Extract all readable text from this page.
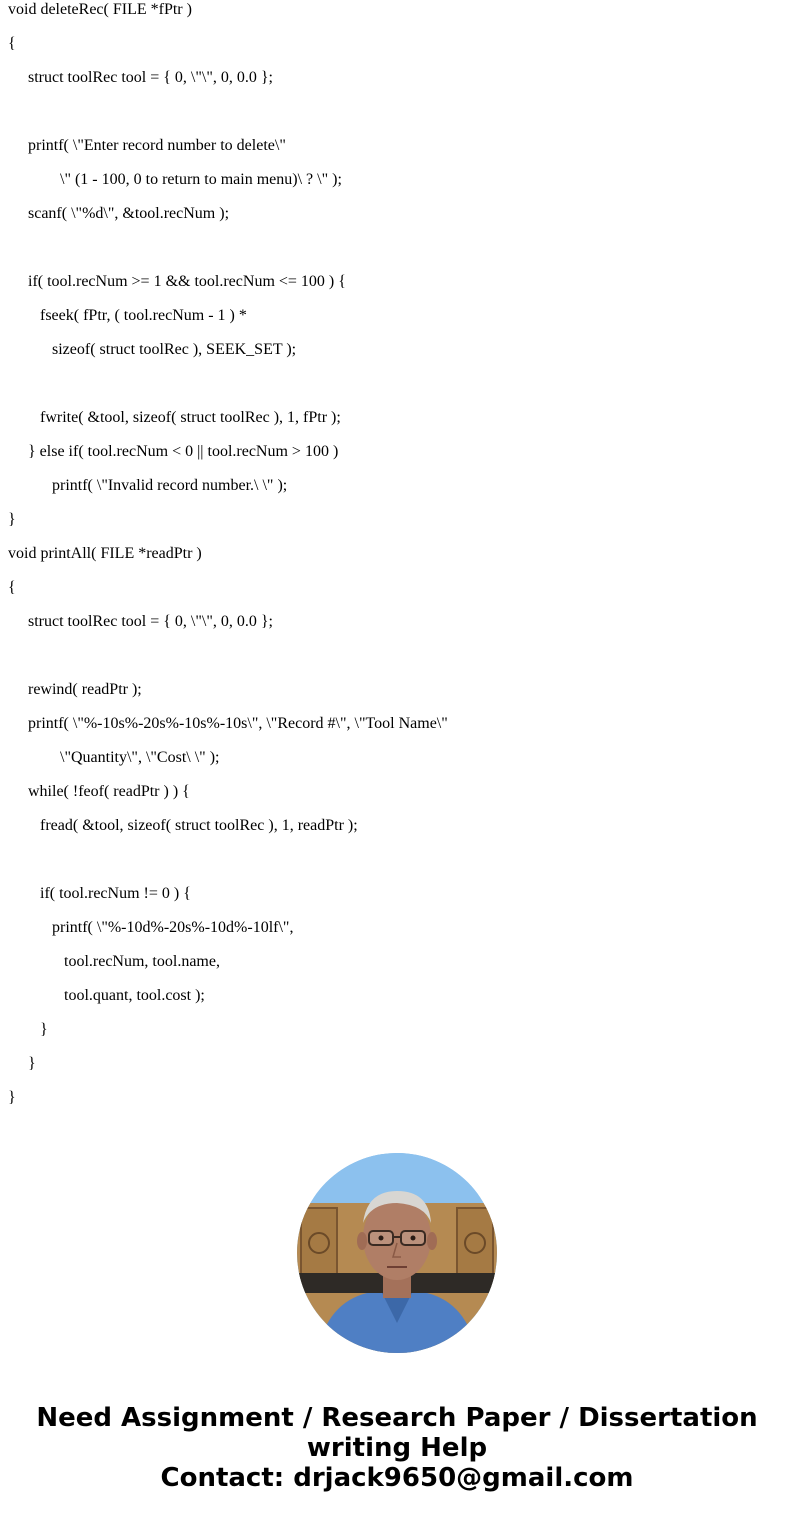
void deleteRec( FILE *fPtr )
{
struct toolRec tool = { 0, \"\", 0, 0.0 };
printf( \"Enter record number to delete\"
\" (1 - 100, 0 to return to main menu)\ ? \" );
scanf( \"%d\", &tool.recNum );
if( tool.recNum >= 1 && tool.recNum <= 100 ) {
fseek( fPtr, ( tool.recNum - 1 ) *
sizeof( struct toolRec ), SEEK_SET );
fwrite( &tool, sizeof( struct toolRec ), 1, fPtr );
} else if( tool.recNum < 0 || tool.recNum > 100 )
printf( \"Invalid record number.\ \" );
}
void printAll( FILE *readPtr )
{
struct toolRec tool = { 0, \"\", 0, 0.0 };
rewind( readPtr );
printf( \"%-10s%-20s%-10s%-10s\", \"Record #\", \"Tool Name\"
\"Quantity\", \"Cost\ \" );
while( !feof( readPtr ) ) {
fread( &tool, sizeof( struct toolRec ), 1, readPtr );
if( tool.recNum != 0 ) {
printf( \"%-10d%-20s%-10d%-10lf\",
tool.recNum, tool.name,
tool.quant, tool.cost );
}
}
}
Need Assignment / Research Paper / Dissertation
writing Help
Contact: drjack9650@gmail.com
